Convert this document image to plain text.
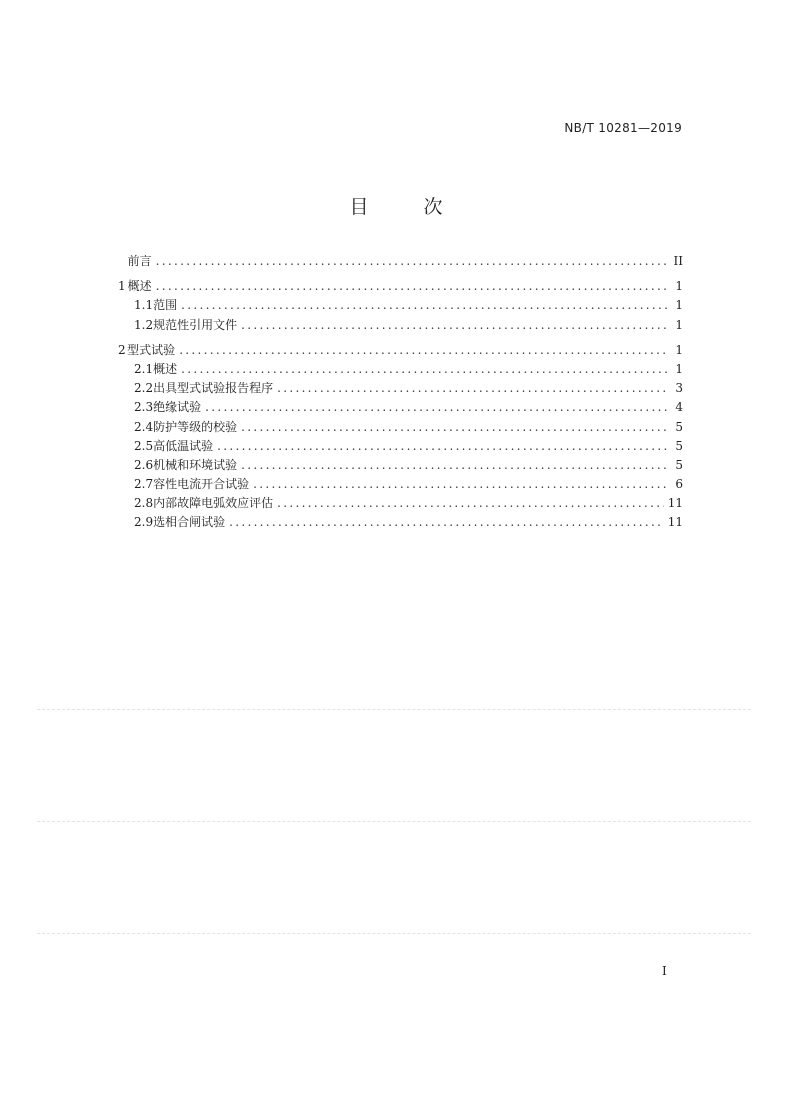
NB/T 10281—2019
目　次
前言 .....	II
1 概述 .....	1
1.1 范围 .....	1
1.2 规范性引用文件 .....	1
2 型式试验 .....	1
2.1 概述 .....	1
2.2 出具型式试验报告程序 .....	3
2.3 绝缘试验 .....	4
2.4 防护等级的校验 .....	5
2.5 高低温试验 .....	5
2.6 机械和环境试验 .....	5
2.7 容性电流开合试验 .....	6
2.8 内部故障电弧效应评估 .....	11
2.9 选相合闸试验 .....	11
I
